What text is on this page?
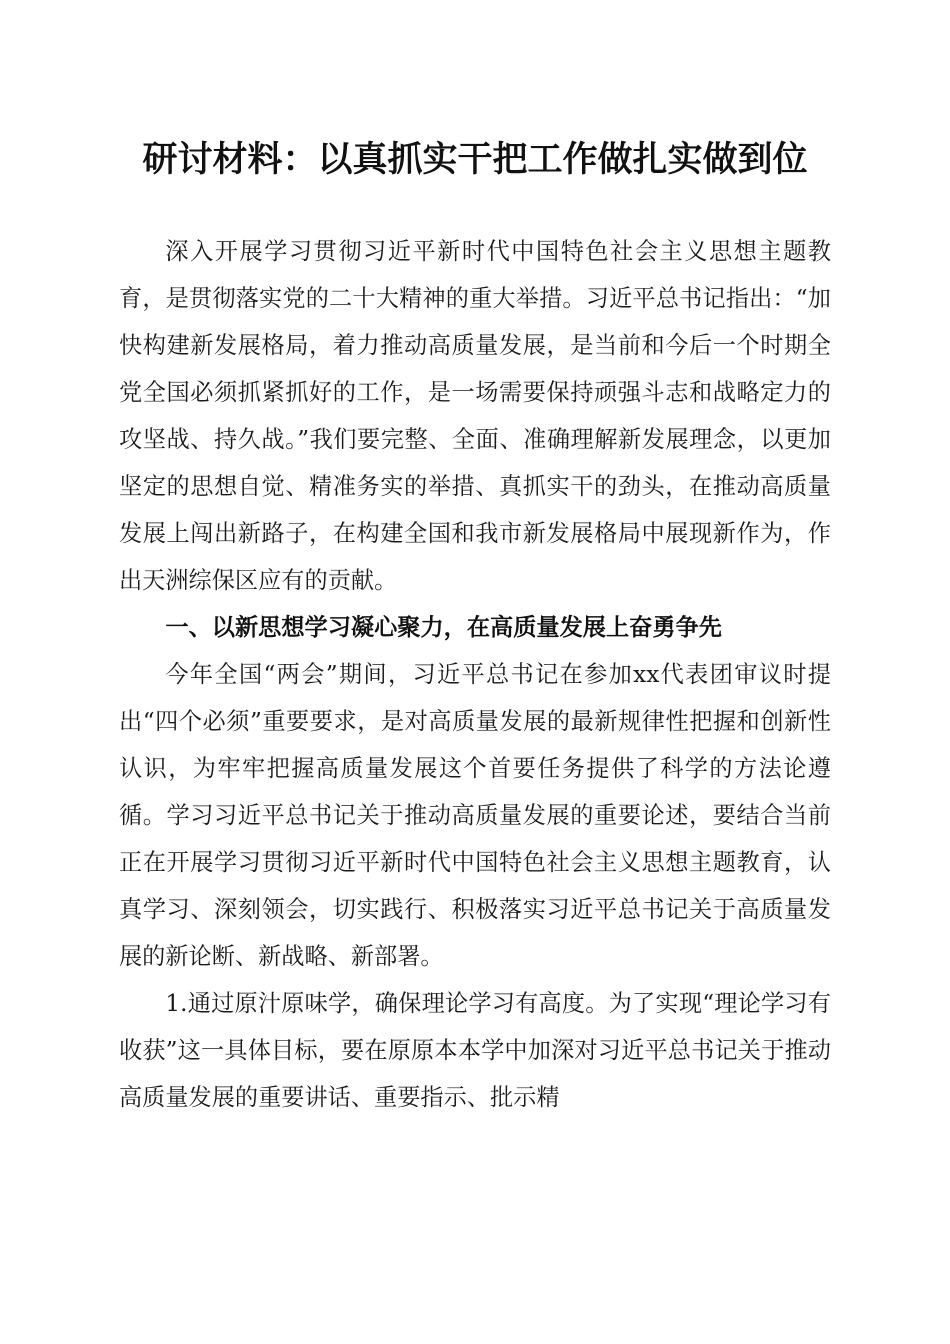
研讨材料：以真抓实干把工作做扎实做到位

深入开展学习贯彻习近平新时代中国特色社会主义思想主题教育，是贯彻落实党的二十大精神的重大举措。习近平总书记指出：“加快构建新发展格局，着力推动高质量发展，是当前和今后一个时期全党全国必须抓紧抓好的工作，是一场需要保持顽强斗志和战略定力的攻坚战、持久战。”我们要完整、全面、准确理解新发展理念，以更加坚定的思想自觉、精准务实的举措、真抓实干的劲头，在推动高质量发展上闯出新路子，在构建全国和我市新发展格局中展现新作为，作出天洲综保区应有的贡献。

一、以新思想学习凝心聚力，在高质量发展上奋勇争先

今年全国“两会”期间，习近平总书记在参加xx代表团审议时提出“四个必须”重要要求，是对高质量发展的最新规律性把握和创新性认识，为牢牢把握高质量发展这个首要任务提供了科学的方法论遵循。学习习近平总书记关于推动高质量发展的重要论述，要结合当前正在开展学习贯彻习近平新时代中国特色社会主义思想主题教育，认真学习、深刻领会，切实践行、积极落实习近平总书记关于高质量发展的新论断、新战略、新部署。

1.通过原汁原味学，确保理论学习有高度。为了实现“理论学习有收获”这一具体目标，要在原原本本学中加深对习近平总书记关于推动高质量发展的重要讲话、重要指示、批示精
